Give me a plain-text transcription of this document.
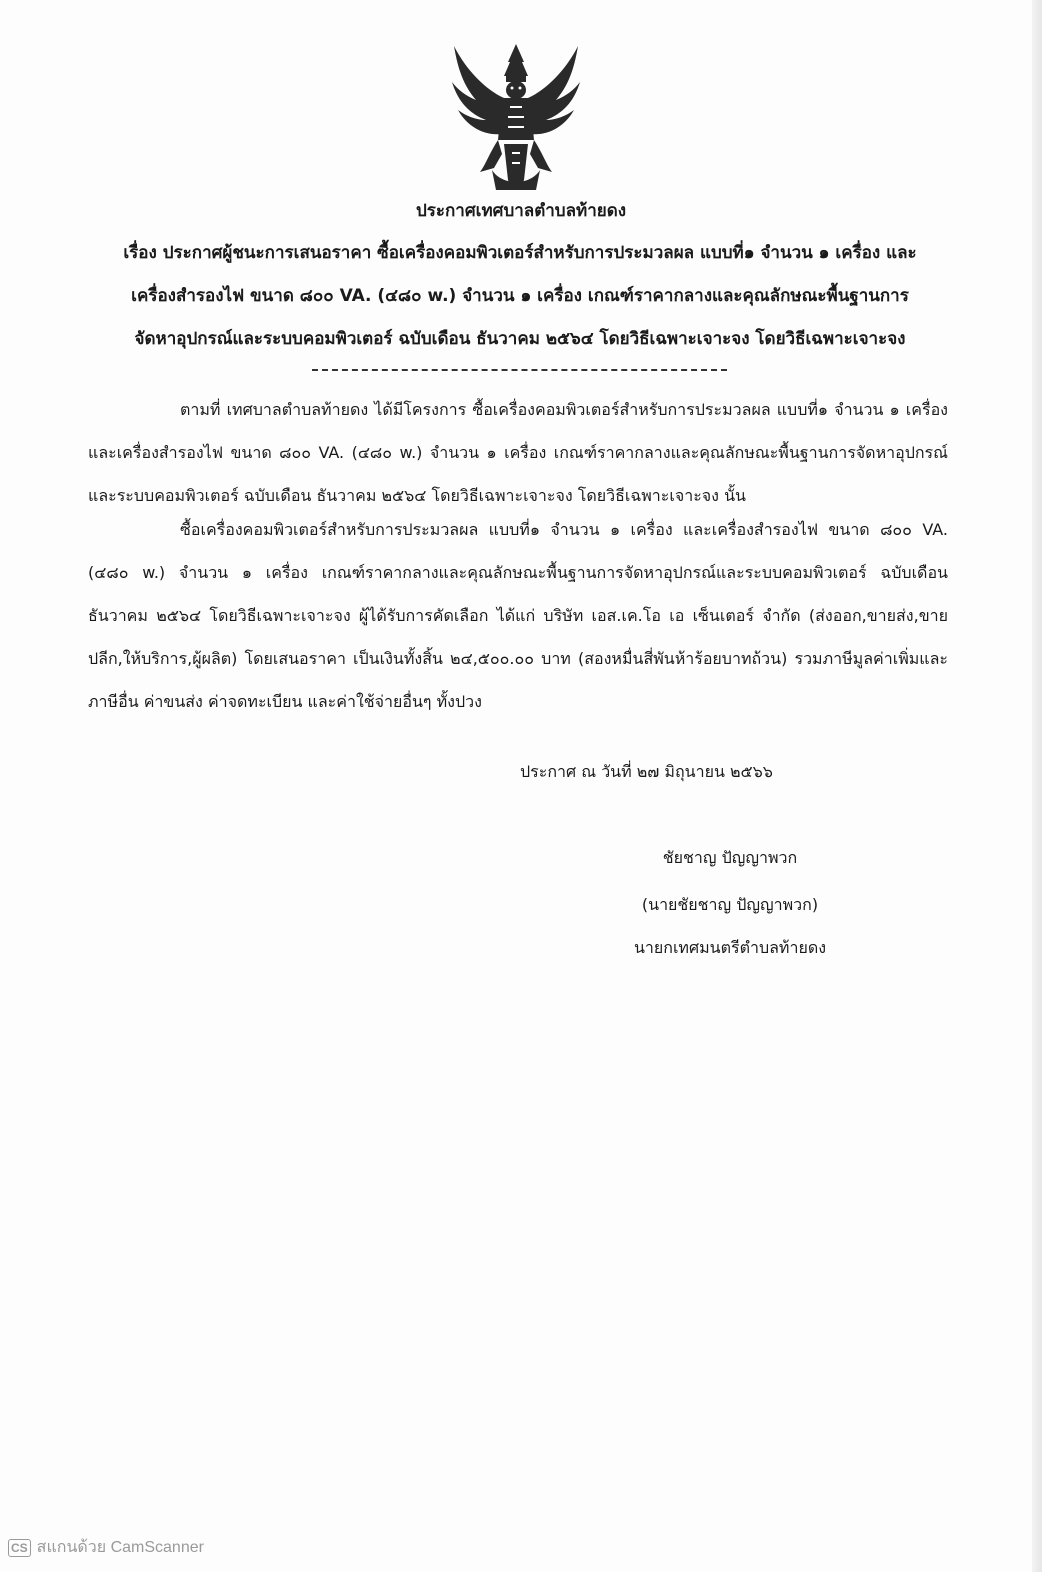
ประกาศเทศบาลตำบลท้ายดง
เรื่อง ประกาศผู้ชนะการเสนอราคา ซื้อเครื่องคอมพิวเตอร์สำหรับการประมวลผล แบบที่๑ จำนวน ๑ เครื่อง และ
เครื่องสำรองไฟ ขนาด ๘๐๐ VA. (๔๘๐ w.) จำนวน ๑ เครื่อง เกณฑ์ราคากลางและคุณลักษณะพื้นฐานการ
จัดหาอุปกรณ์และระบบคอมพิวเตอร์ ฉบับเดือน ธันวาคม ๒๕๖๔ โดยวิธีเฉพาะเจาะจง โดยวิธีเฉพาะเจาะจง
ตามที่ เทศบาลตำบลท้ายดง ได้มีโครงการ ซื้อเครื่องคอมพิวเตอร์สำหรับการประมวลผล แบบที่๑ จำนวน ๑ เครื่อง และเครื่องสำรองไฟ ขนาด ๘๐๐ VA. (๔๘๐ w.) จำนวน ๑ เครื่อง เกณฑ์ราคากลางและคุณลักษณะพื้นฐานการจัดหาอุปกรณ์และระบบคอมพิวเตอร์ ฉบับเดือน ธันวาคม ๒๕๖๔ โดยวิธีเฉพาะเจาะจง โดยวิธีเฉพาะเจาะจง นั้น
ซื้อเครื่องคอมพิวเตอร์สำหรับการประมวลผล แบบที่๑ จำนวน ๑ เครื่อง และเครื่องสำรองไฟ ขนาด ๘๐๐ VA. (๔๘๐ w.) จำนวน ๑ เครื่อง เกณฑ์ราคากลางและคุณลักษณะพื้นฐานการจัดหาอุปกรณ์และระบบคอมพิวเตอร์ ฉบับเดือน ธันวาคม ๒๕๖๔ โดยวิธีเฉพาะเจาะจง ผู้ได้รับการคัดเลือก ได้แก่ บริษัท เอส.เค.โอ เอ เซ็นเตอร์ จำกัด (ส่งออก,ขายส่ง,ขายปลีก,ให้บริการ,ผู้ผลิต) โดยเสนอราคา เป็นเงินทั้งสิ้น ๒๔,๕๐๐.๐๐ บาท (สองหมื่นสี่พันห้าร้อยบาทถ้วน) รวมภาษีมูลค่าเพิ่มและภาษีอื่น ค่าขนส่ง ค่าจดทะเบียน และค่าใช้จ่ายอื่นๆ ทั้งปวง
ประกาศ ณ วันที่ ๒๗ มิถุนายน ๒๕๖๖
ชัยชาญ ปัญญาพวก
(นายชัยชาญ ปัญญาพวก)
นายกเทศมนตรีตำบลท้ายดง
CS สแกนด้วย CamScanner
